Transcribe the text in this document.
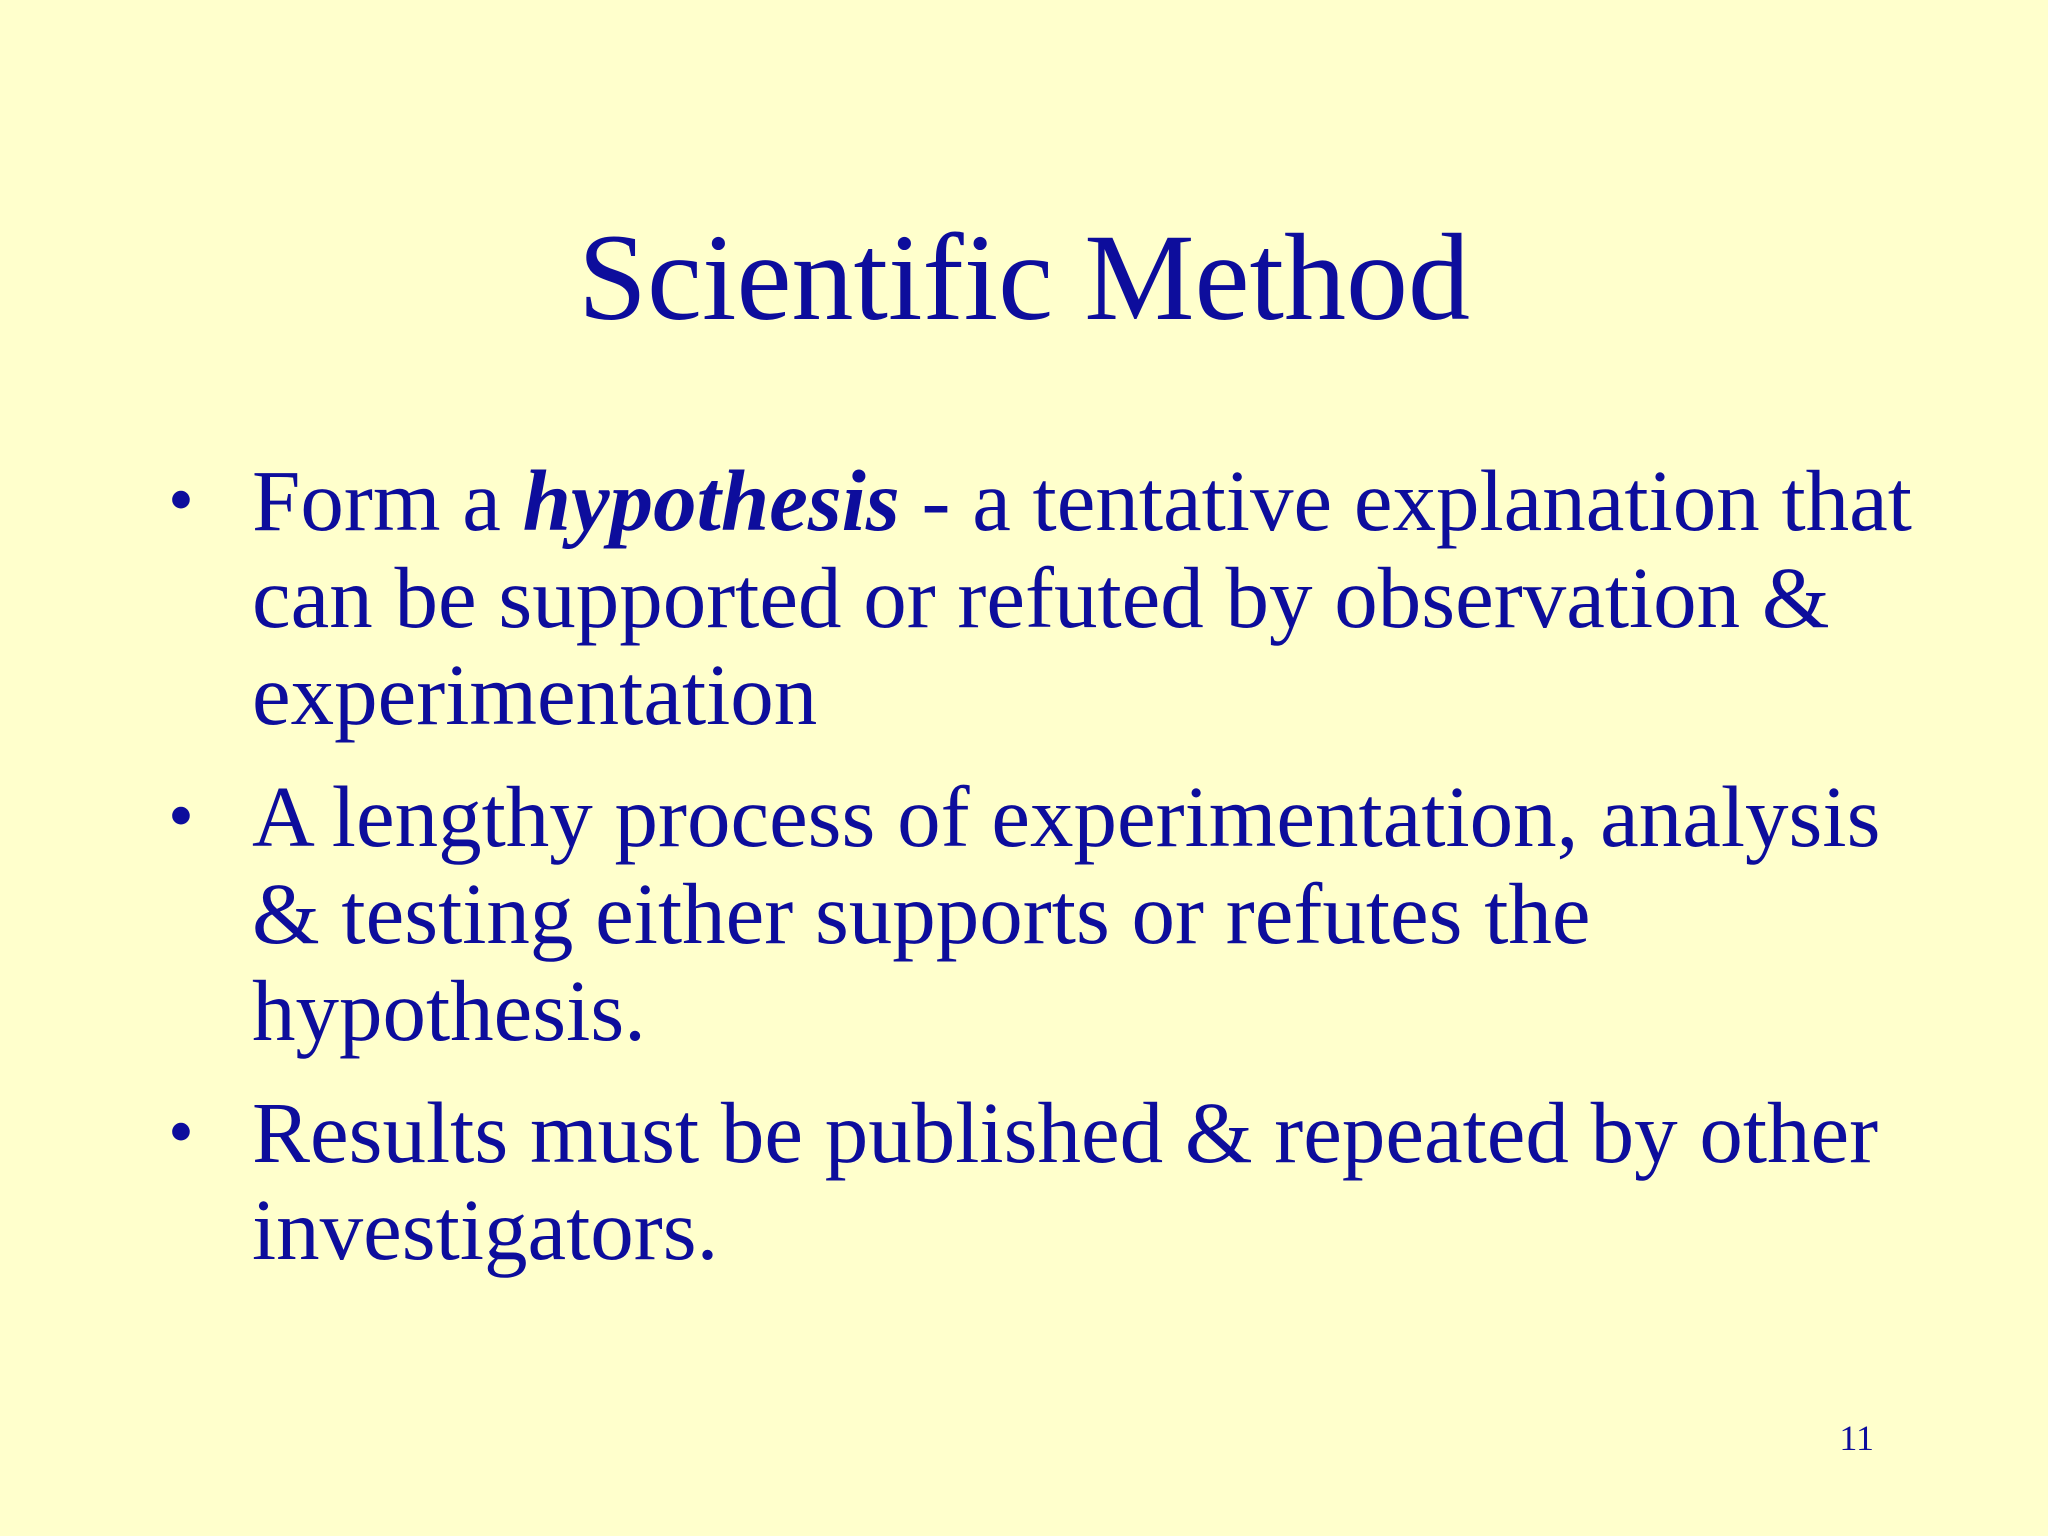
Scientific Method
• Form a hypothesis - a tentative explanation that can be supported or refuted by observation & experimentation
• A lengthy process of experimentation, analysis & testing either supports or refutes the hypothesis.
• Results must be published & repeated by other investigators.
11
